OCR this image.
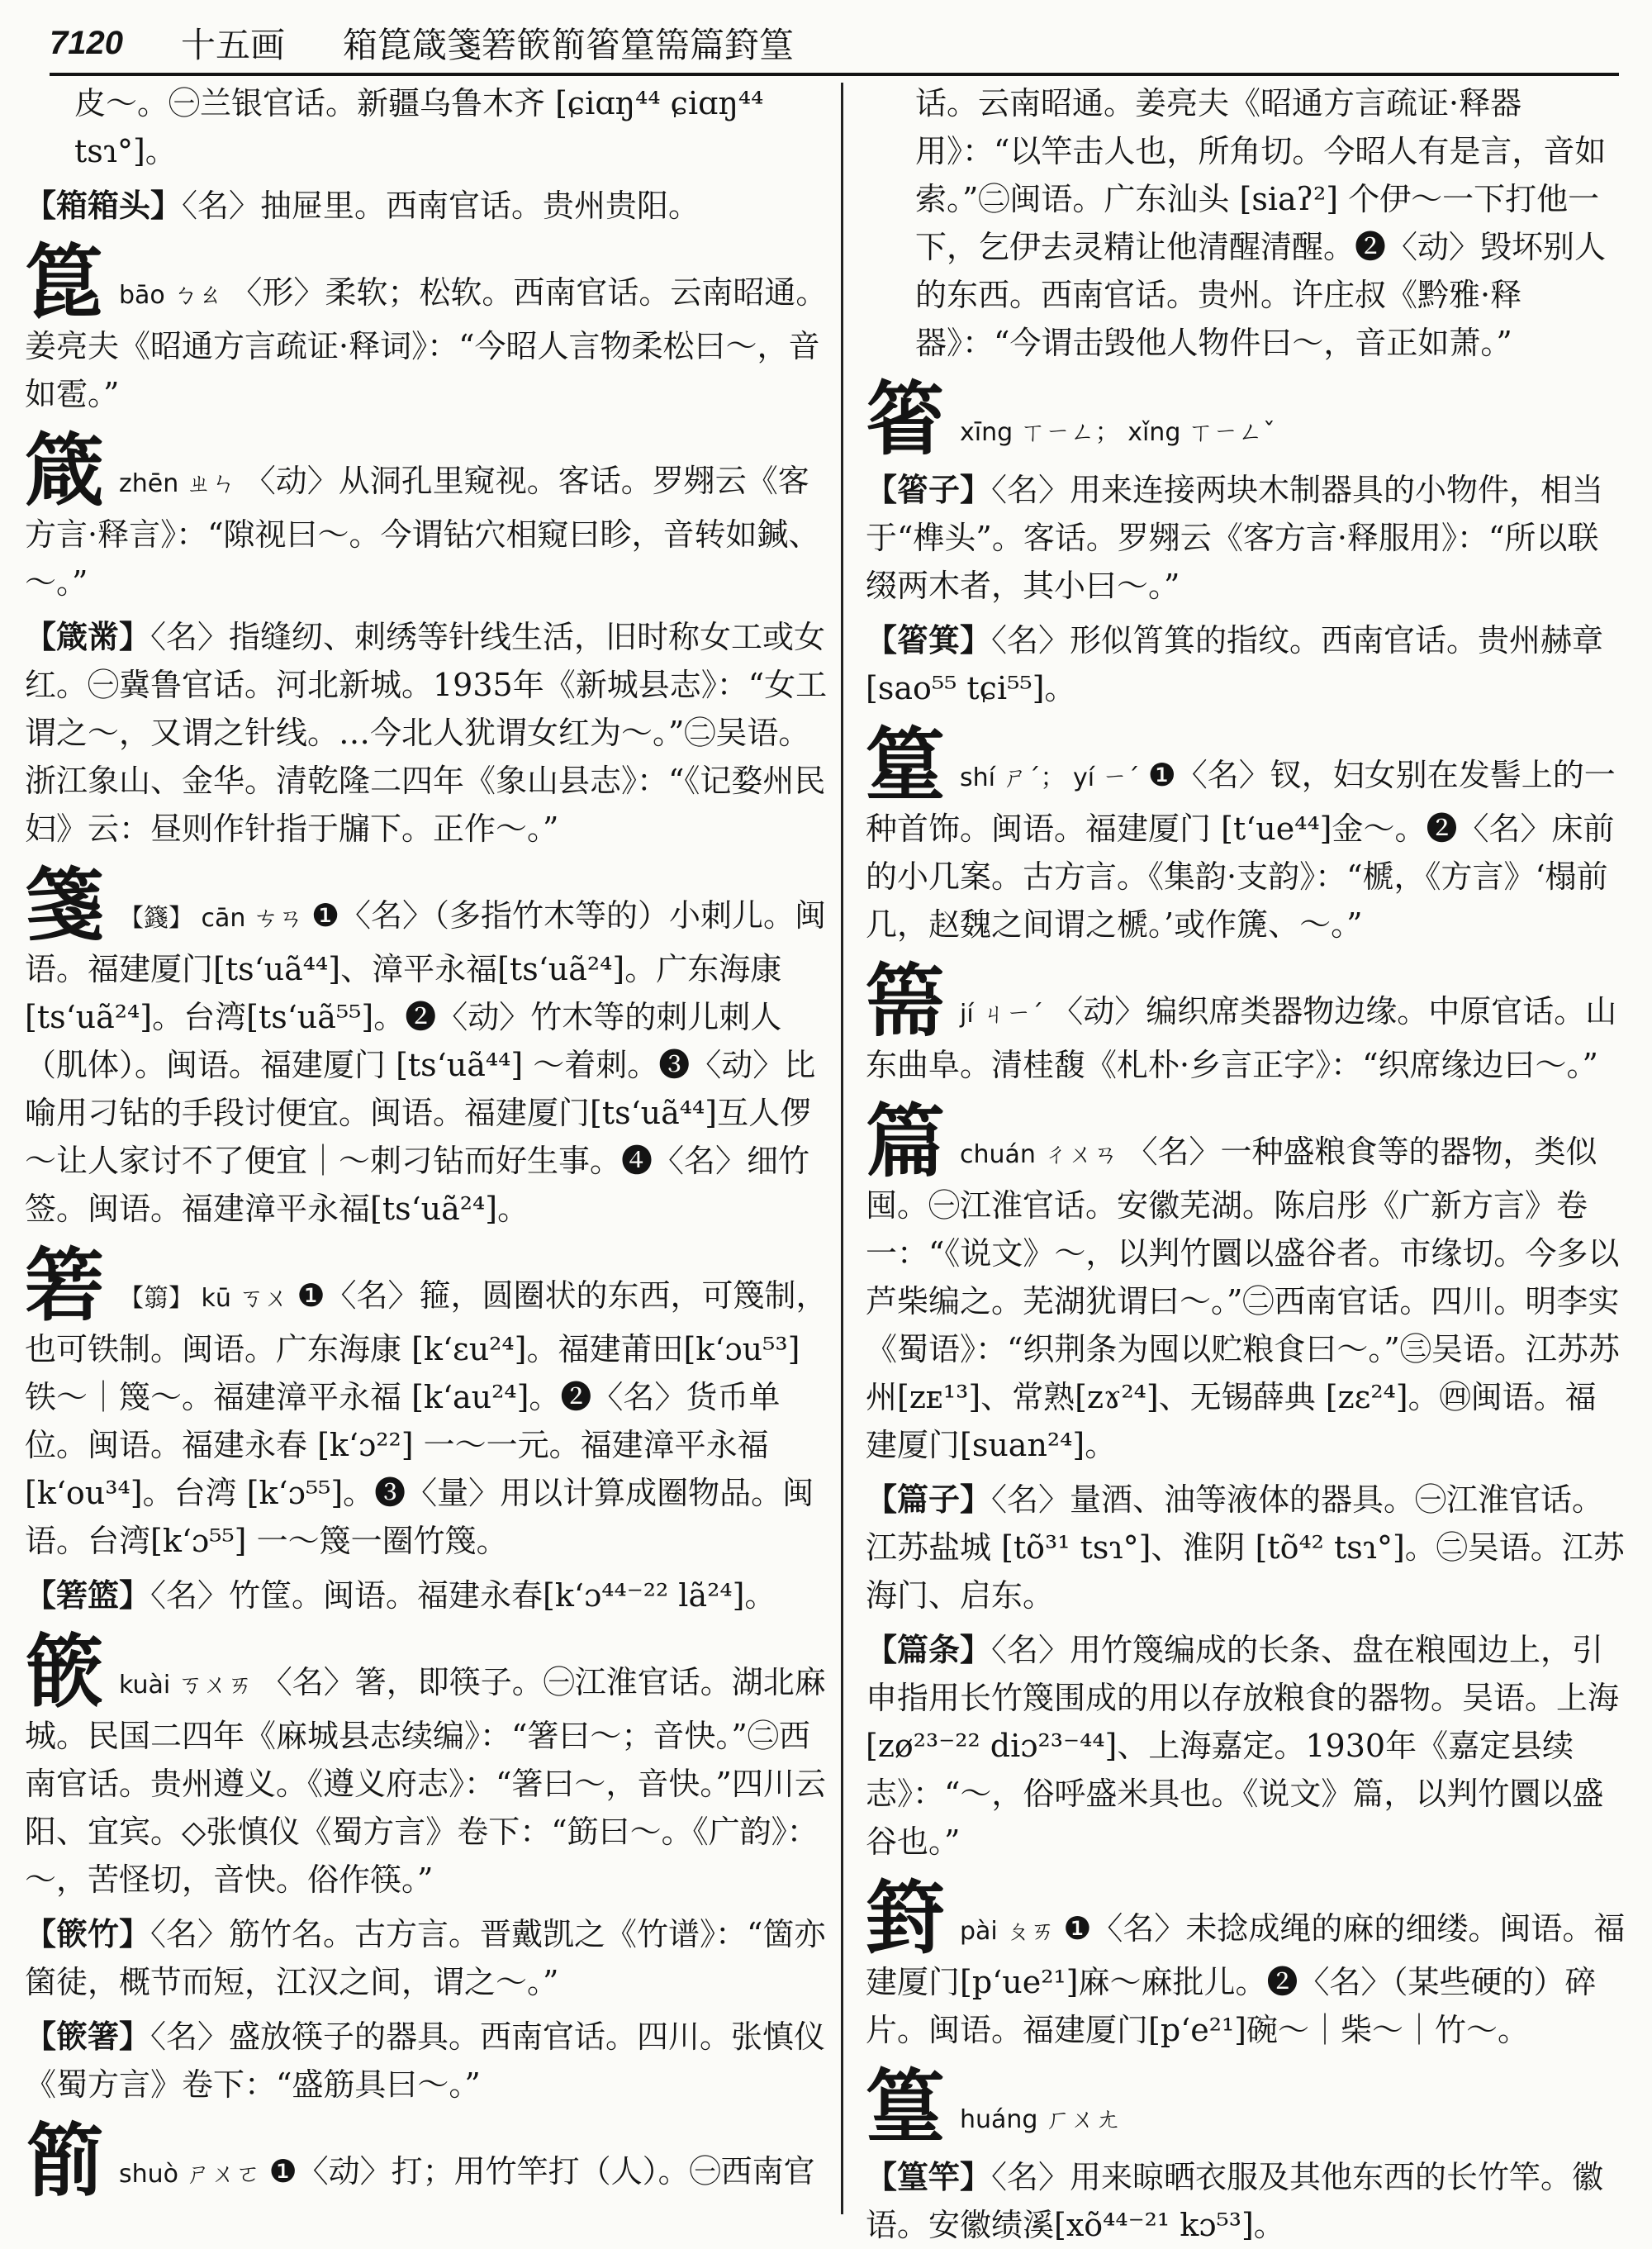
7120 十五画 箱箟箴箋箬篏箾箵篂篅篇篈篁
皮～。㊀兰银官话。新疆乌鲁木齐 [ɕiɑŋ⁴⁴ ɕiɑŋ⁴⁴ tsɿ°]。
【箱箱头】〈名〉抽屉里。西南官话。贵州贵阳。
箟bāo ㄅㄠ 〈形〉柔软；松软。西南官话。云南昭通。姜亮夫《昭通方言疏证·释词》：“今昭人言物柔松曰～，音如雹。”
箴zhēn ㄓㄣ 〈动〉从洞孔里窥视。客话。罗翙云《客方言·释言》：“隙视曰～。今谓钻穴相窥曰眕，音转如鍼、～。”
【箴黹】〈名〉指缝纫、刺绣等针线生活，旧时称女工或女红。㊀冀鲁官话。河北新城。1935年《新城县志》：“女工谓之～，又谓之针线。…今北人犹谓女红为～。”㊁吴语。浙江象山、金华。清乾隆二四年《象山县志》：“《记婺州民妇》云：昼则作针指于牖下。正作～。”
箋 【籛】 cān ㄘㄢ ❶〈名〉（多指竹木等的）小刺儿。闽语。福建厦门[tsʻuã⁴⁴]、漳平永福[tsʻuã²⁴]。广东海康[tsʻuã²⁴]。台湾[tsʻuã⁵⁵]。❷〈动〉竹木等的刺儿刺人（肌体）。闽语。福建厦门 [tsʻuã⁴⁴] ～着刺。❸〈动〉比喻用刁钻的手段讨便宜。闽语。福建厦门[tsʻuã⁴⁴]互人㑩～让人家讨不了便宜｜～刺刁钻而好生事。❹〈名〉细竹签。闽语。福建漳平永福[tsʻuã²⁴]。
箬 【篛】 kū ㄎㄨ ❶〈名〉箍，圆圈状的东西，可篾制，也可铁制。闽语。广东海康 [kʻɛu²⁴]。福建莆田[kʻɔu⁵³] 铁～｜篾～。福建漳平永福 [kʻau²⁴]。❷〈名〉货币单位。闽语。福建永春 [kʻɔ²²] 一～一元。福建漳平永福[kʻou³⁴]。台湾 [kʻɔ⁵⁵]。❸〈量〉用以计算成圈物品。闽语。台湾[kʻɔ⁵⁵] 一～篾一圈竹篾。
【箬篮】〈名〉竹筐。闽语。福建永春[kʻɔ⁴⁴⁻²² lã²⁴]。
篏kuài ㄎㄨㄞ 〈名〉箸，即筷子。㊀江淮官话。湖北麻城。民国二四年《麻城县志续编》：“箸曰～；音快。”㊁西南官话。贵州遵义。《遵义府志》：“箸曰～，音快。”四川云阳、宜宾。◇张慎仪《蜀方言》卷下：“筯曰～。《广韵》：～，苦怪切，音快。俗作筷。”
【篏竹】〈名〉筋竹名。古方言。晋戴凯之《竹谱》：“箇亦箘徒，概节而短，江汉之间，谓之～。”
【篏箸】〈名〉盛放筷子的器具。西南官话。四川。张慎仪《蜀方言》卷下：“盛筋具曰～。”
箾shuò ㄕㄨㄛ ❶〈动〉打；用竹竿打（人）。㊀西南官
话。云南昭通。姜亮夫《昭通方言疏证·释器用》：“以竿击人也，所角切。今昭人有是言，音如索。”㊁闽语。广东汕头 [siaʔ²] 个伊～一下打他一下，乞伊去灵精让他清醒清醒。❷〈动〉毁坏别人的东西。西南官话。贵州。许庄叔《黔雅·释器》：“今谓击毁他人物件曰～，音正如萧。”
箵xīng ㄒㄧㄥ； xǐng ㄒㄧㄥˇ
【箵子】〈名〉用来连接两块木制器具的小物件，相当于“榫头”。客话。罗翙云《客方言·释服用》：“所以联缀两木者，其小曰～。”
【箵箕】〈名〉形似筲箕的指纹。西南官话。贵州赫章 [sao⁵⁵ tɕi⁵⁵]。
篂shí ㄕˊ； yí ㄧˊ ❶〈名〉钗，妇女别在发髻上的一种首饰。闽语。福建厦门 [tʻue⁴⁴]金～。❷〈名〉床前的小几案。古方言。《集韵·支韵》：“榹，《方言》‘榻前几，赵魏之间谓之榹。’或作篪、～。”
篅jí ㄐㄧˊ 〈动〉编织席类器物边缘。中原官话。山东曲阜。清桂馥《札朴·乡言正字》：“织席缘边曰～。”
篇chuán ㄔㄨㄢ 〈名〉一种盛粮食等的器物，类似囤。㊀江淮官话。安徽芜湖。陈启彤《广新方言》卷一：“《说文》～，以判竹圜以盛谷者。市缘切。今多以芦柴编之。芜湖犹谓曰～。”㊁西南官话。四川。明李实《蜀语》：“织荆条为囤以贮粮食曰～。”㊂吴语。江苏苏州[zᴇ¹³]、常熟[zɤ²⁴]、无锡薛典 [zɛ²⁴]。㊃闽语。福建厦门[suan²⁴]。
【篇子】〈名〉量酒、油等液体的器具。㊀江淮官话。江苏盐城 [tõ³¹ tsɿ°]、淮阴 [tõ⁴² tsɿ°]。㊁吴语。江苏海门、启东。
【篇条】〈名〉用竹篾编成的长条、盘在粮囤边上，引申指用长竹篾围成的用以存放粮食的器物。吴语。上海[zø²³⁻²² diɔ²³⁻⁴⁴]、上海嘉定。1930年《嘉定县续志》：“～，俗呼盛米具也。《说文》篇，以判竹圜以盛谷也。”
篈pài ㄆㄞ ❶〈名〉未捻成绳的麻的细缕。闽语。福建厦门[pʻue²¹]麻～麻批儿。❷〈名〉（某些硬的）碎片。闽语。福建厦门[pʻe²¹]碗～｜柴～｜竹～。
篁huáng ㄏㄨㄤ
【篁竿】〈名〉用来晾晒衣服及其他东西的长竹竿。徽语。安徽绩溪[xõ⁴⁴⁻²¹ kɔ⁵³]。
